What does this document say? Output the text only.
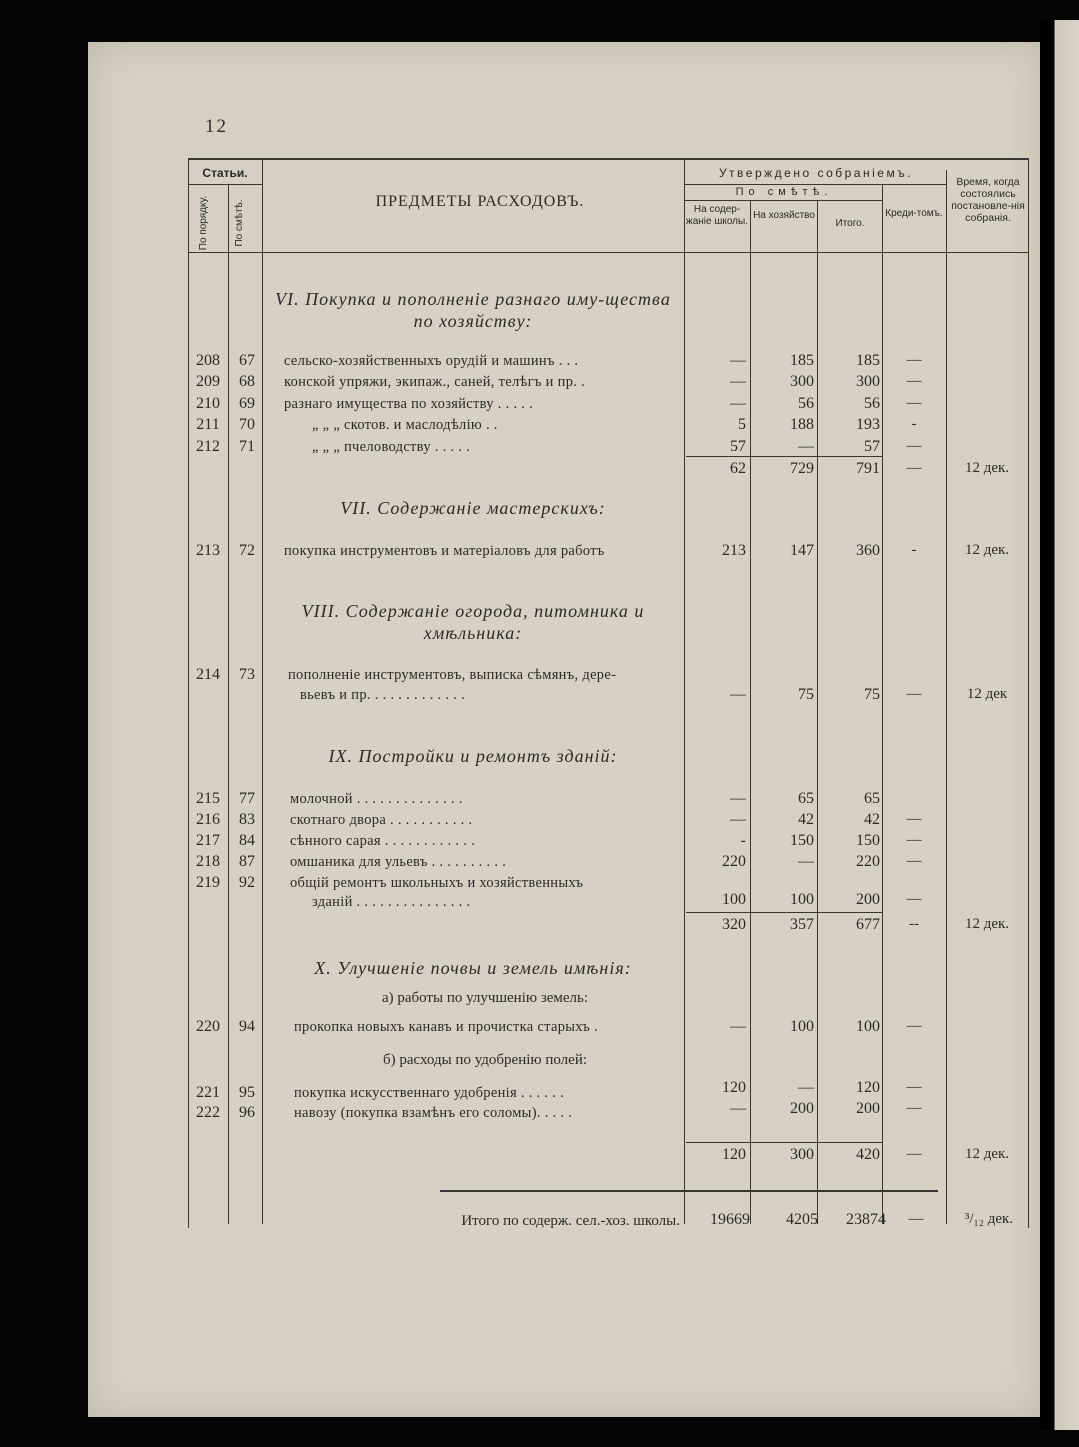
12
Статьи.
По порядку.	По смѣтѣ.	ПРЕДМЕТЫ РАСХОДОВЪ.
Утверждено собраніемъ.
По смѣтѣ.
На содер-жаніе школы.
На хозяйство
Итого.
Креди-томъ.
Время, когда состоялись постановле-нія собранія.
VI. Покупка и пополненіе разнаго иму-ществa по хозяйству:
208	67	сельско-хозяйственныхъ орудій и машинъ . . .	—	185	185	—
209	68	конской упряжи, экипаж., саней, телѣгъ и пр. .	—	300	300	—
210	69	разнаго имущества по хозяйству . . . . .	—	56	56	—
211	70	„ „ „ скотов. и маслодѣлію . .	5	188	193	-
212	71	„ „ „ пчеловодству . . . . .	57	—	57	—
62	729	791	—	12 дек.
VII. Содержаніе мастерскихъ:
213	72	покупка инструментовъ и матеріаловъ для работъ	213	147	360	-	12 дек.
VIII. Содержаніе огорода, питомника и хмѣльника:
214	73	пополненіе инструментовъ, выписка сѣмянъ, дере-
вьевъ и пр. . . . . . . . . . . . .	—	75	75	—	12 дек
IX. Постройки и ремонтъ зданій:
215	77	молочной . . . . . . . . . . . . . .	—	65	65
216	83	скотнаго двора . . . . . . . . . . .	—	42	42	—
217	84	сѣнного сарая . . . . . . . . . . . .	-	150	150	—
218	87	омшаника для ульевъ . . . . . . . . . .	220	—	220	—
219	92	общій ремонтъ школьныхъ и хозяйственныхъ
зданій . . . . . . . . . . . . . . .	100	100	200	—
320	357	677	--	12 дек.
X. Улучшеніе почвы и земель имѣнія:
а) работы по улучшенію земель:
220	94	прокопка новыхъ канавъ и прочистка старыхъ .	—	100	100	—
б) расходы по удобренію полей:
221	95	покупка искусственнаго удобренія . . . . . .	120	—	120	—
222	96	навозу (покупка взамѣнъ его соломы). . . . .	—	200	200	—
120	300	420	—	12 дек.
Итого по содерж. сел.-хоз. школы.	19669	4205	23874	—	³/₁₂ дек.
